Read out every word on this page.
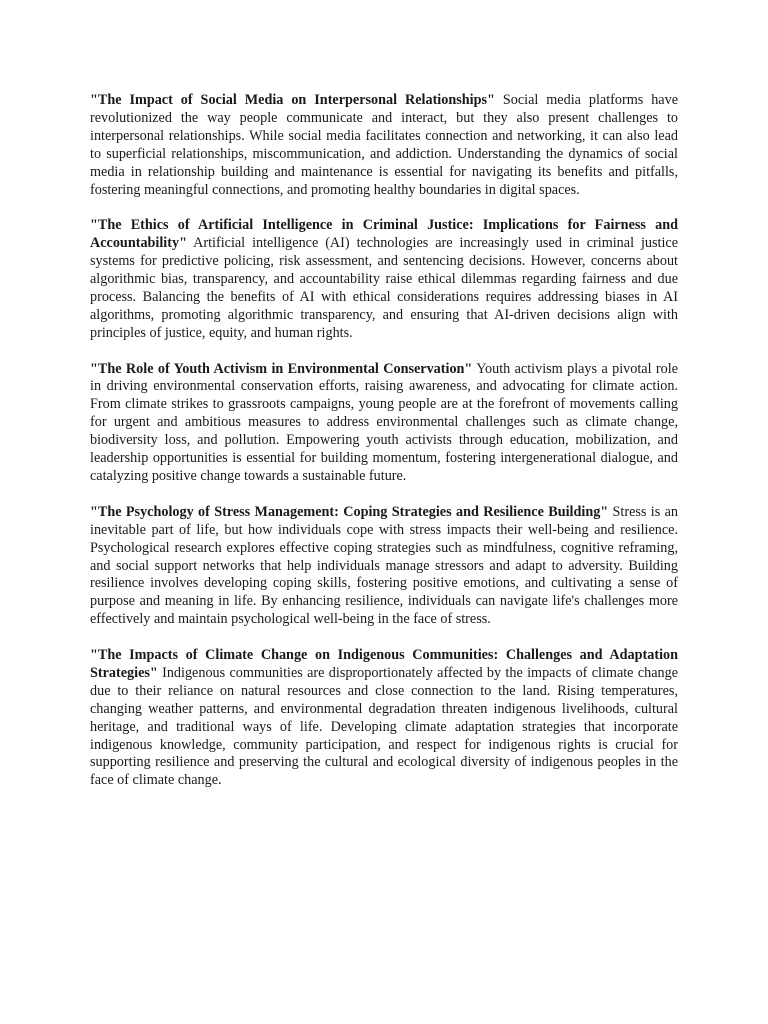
"The Impact of Social Media on Interpersonal Relationships" Social media platforms have revolutionized the way people communicate and interact, but they also present challenges to interpersonal relationships. While social media facilitates connection and networking, it can also lead to superficial relationships, miscommunication, and addiction. Understanding the dynamics of social media in relationship building and maintenance is essential for navigating its benefits and pitfalls, fostering meaningful connections, and promoting healthy boundaries in digital spaces.

"The Ethics of Artificial Intelligence in Criminal Justice: Implications for Fairness and Accountability" Artificial intelligence (AI) technologies are increasingly used in criminal justice systems for predictive policing, risk assessment, and sentencing decisions. However, concerns about algorithmic bias, transparency, and accountability raise ethical dilemmas regarding fairness and due process. Balancing the benefits of AI with ethical considerations requires addressing biases in AI algorithms, promoting algorithmic transparency, and ensuring that AI-driven decisions align with principles of justice, equity, and human rights.

"The Role of Youth Activism in Environmental Conservation" Youth activism plays a pivotal role in driving environmental conservation efforts, raising awareness, and advocating for climate action. From climate strikes to grassroots campaigns, young people are at the forefront of movements calling for urgent and ambitious measures to address environmental challenges such as climate change, biodiversity loss, and pollution. Empowering youth activists through education, mobilization, and leadership opportunities is essential for building momentum, fostering intergenerational dialogue, and catalyzing positive change towards a sustainable future.

"The Psychology of Stress Management: Coping Strategies and Resilience Building" Stress is an inevitable part of life, but how individuals cope with stress impacts their well-being and resilience. Psychological research explores effective coping strategies such as mindfulness, cognitive reframing, and social support networks that help individuals manage stressors and adapt to adversity. Building resilience involves developing coping skills, fostering positive emotions, and cultivating a sense of purpose and meaning in life. By enhancing resilience, individuals can navigate life's challenges more effectively and maintain psychological well-being in the face of stress.

"The Impacts of Climate Change on Indigenous Communities: Challenges and Adaptation Strategies" Indigenous communities are disproportionately affected by the impacts of climate change due to their reliance on natural resources and close connection to the land. Rising temperatures, changing weather patterns, and environmental degradation threaten indigenous livelihoods, cultural heritage, and traditional ways of life. Developing climate adaptation strategies that incorporate indigenous knowledge, community participation, and respect for indigenous rights is crucial for supporting resilience and preserving the cultural and ecological diversity of indigenous peoples in the face of climate change.
